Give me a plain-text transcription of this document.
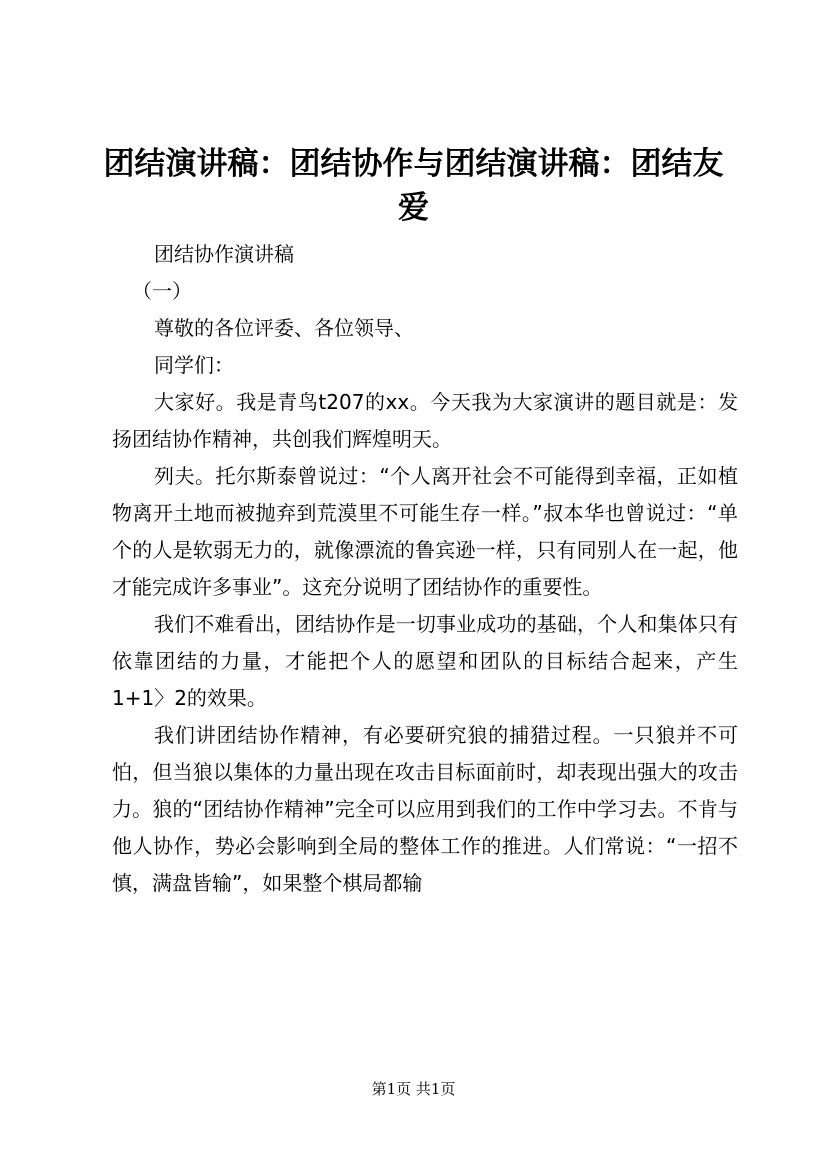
团结演讲稿：团结协作与团结演讲稿：团结友爱

团结协作演讲稿

（一）

尊敬的各位评委、各位领导、

同学们：

大家好。我是青鸟t207的xx。今天我为大家演讲的题目就是：发扬团结协作精神，共创我们辉煌明天。

列夫。托尔斯泰曾说过：“个人离开社会不可能得到幸福，正如植物离开土地而被抛弃到荒漠里不可能生存一样。”叔本华也曾说过：“单个的人是软弱无力的，就像漂流的鲁宾逊一样，只有同别人在一起，他才能完成许多事业”。这充分说明了团结协作的重要性。

我们不难看出，团结协作是一切事业成功的基础，个人和集体只有依靠团结的力量，才能把个人的愿望和团队的目标结合起来，产生1+1〉2的效果。

我们讲团结协作精神，有必要研究狼的捕猎过程。一只狼并不可怕，但当狼以集体的力量出现在攻击目标面前时，却表现出强大的攻击力。狼的“团结协作精神”完全可以应用到我们的工作中学习去。不肯与他人协作，势必会影响到全局的整体工作的推进。人们常说：“一招不慎，满盘皆输”，如果整个棋局都输

第1页 共1页
